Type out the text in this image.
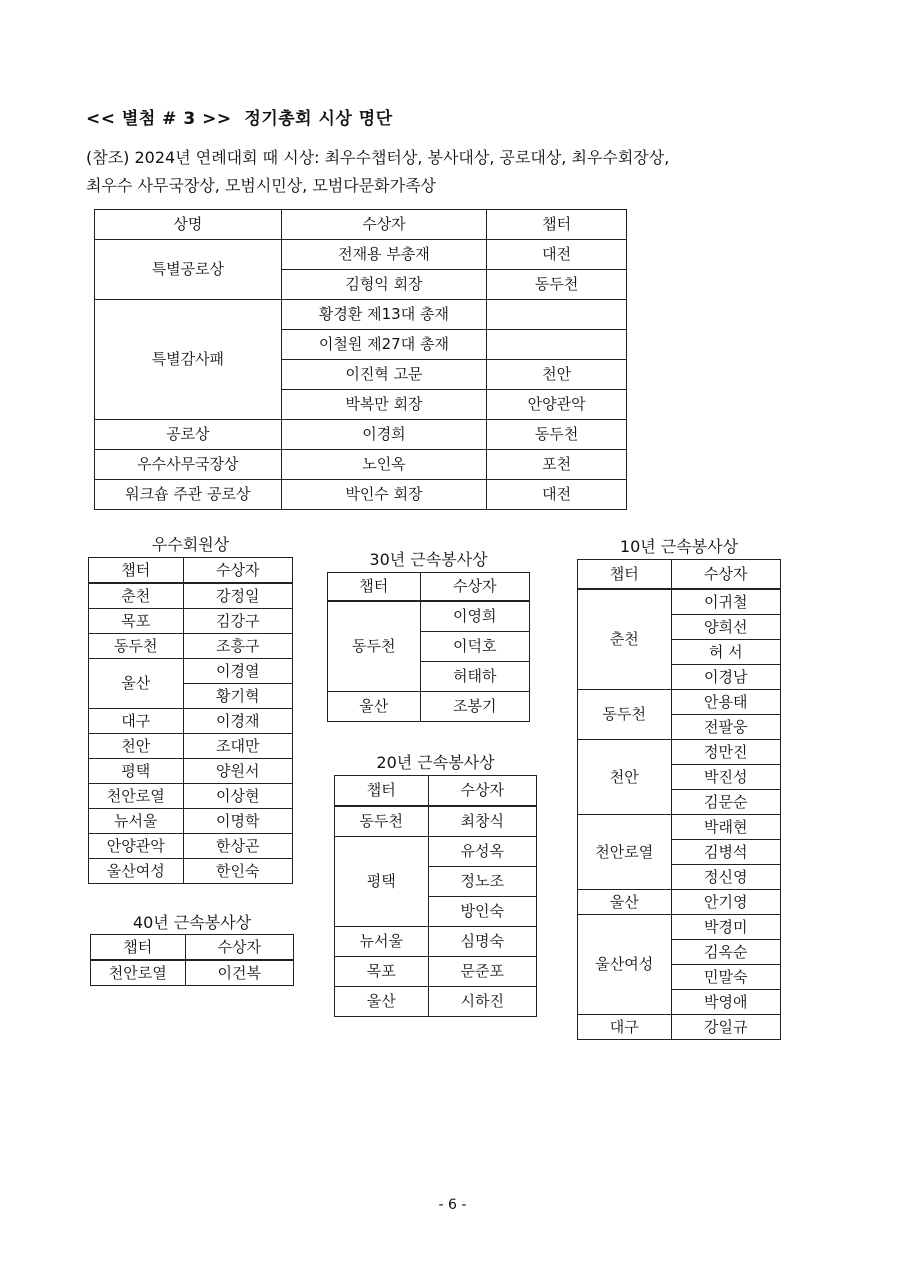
<< 별첨 # 3 >>  정기총회 시상 명단
(참조) 2024년 연례대회 때 시상: 최우수챕터상, 봉사대상, 공로대상, 최우수회장상,
최우수 사무국장상, 모범시민상, 모범다문화가족상
상명	수상자	챕터
특별공로상	전재용 부총재	대전
	김형익 회장	동두천
특별감사패	황경환 제13대 총재	
	이철원 제27대 총재	
	이진혁 고문	천안
	박복만 회장	안양관악
공로상	이경희	동두천
우수사무국장상	노인옥	포천
워크숍 주관 공로상	박인수 회장	대전
우수회원상
챕터	수상자
춘천	강정일
목포	김강구
동두천	조흥구
울산	이경열
	황기혁
대구	이경재
천안	조대만
평택	양원서
천안로열	이상현
뉴서울	이명학
안양관악	한상곤
울산여성	한인숙
40년 근속봉사상
챕터	수상자
천안로열	이건복
30년 근속봉사상
챕터	수상자
동두천	이영희
	이덕호
	허태하
울산	조봉기
20년 근속봉사상
챕터	수상자
동두천	최창식
평택	유성옥
	정노조
	방인숙
뉴서울	심명숙
목포	문준포
울산	시하진
10년 근속봉사상
챕터	수상자
춘천	이귀철
	양희선
	허 서
	이경남
동두천	안용태
	전팔웅
천안	정만진
	박진성
	김문순
천안로열	박래현
	김병석
	정신영
울산	안기영
울산여성	박경미
	김옥순
	민말숙
	박영애
대구	강일규
- 6 -
